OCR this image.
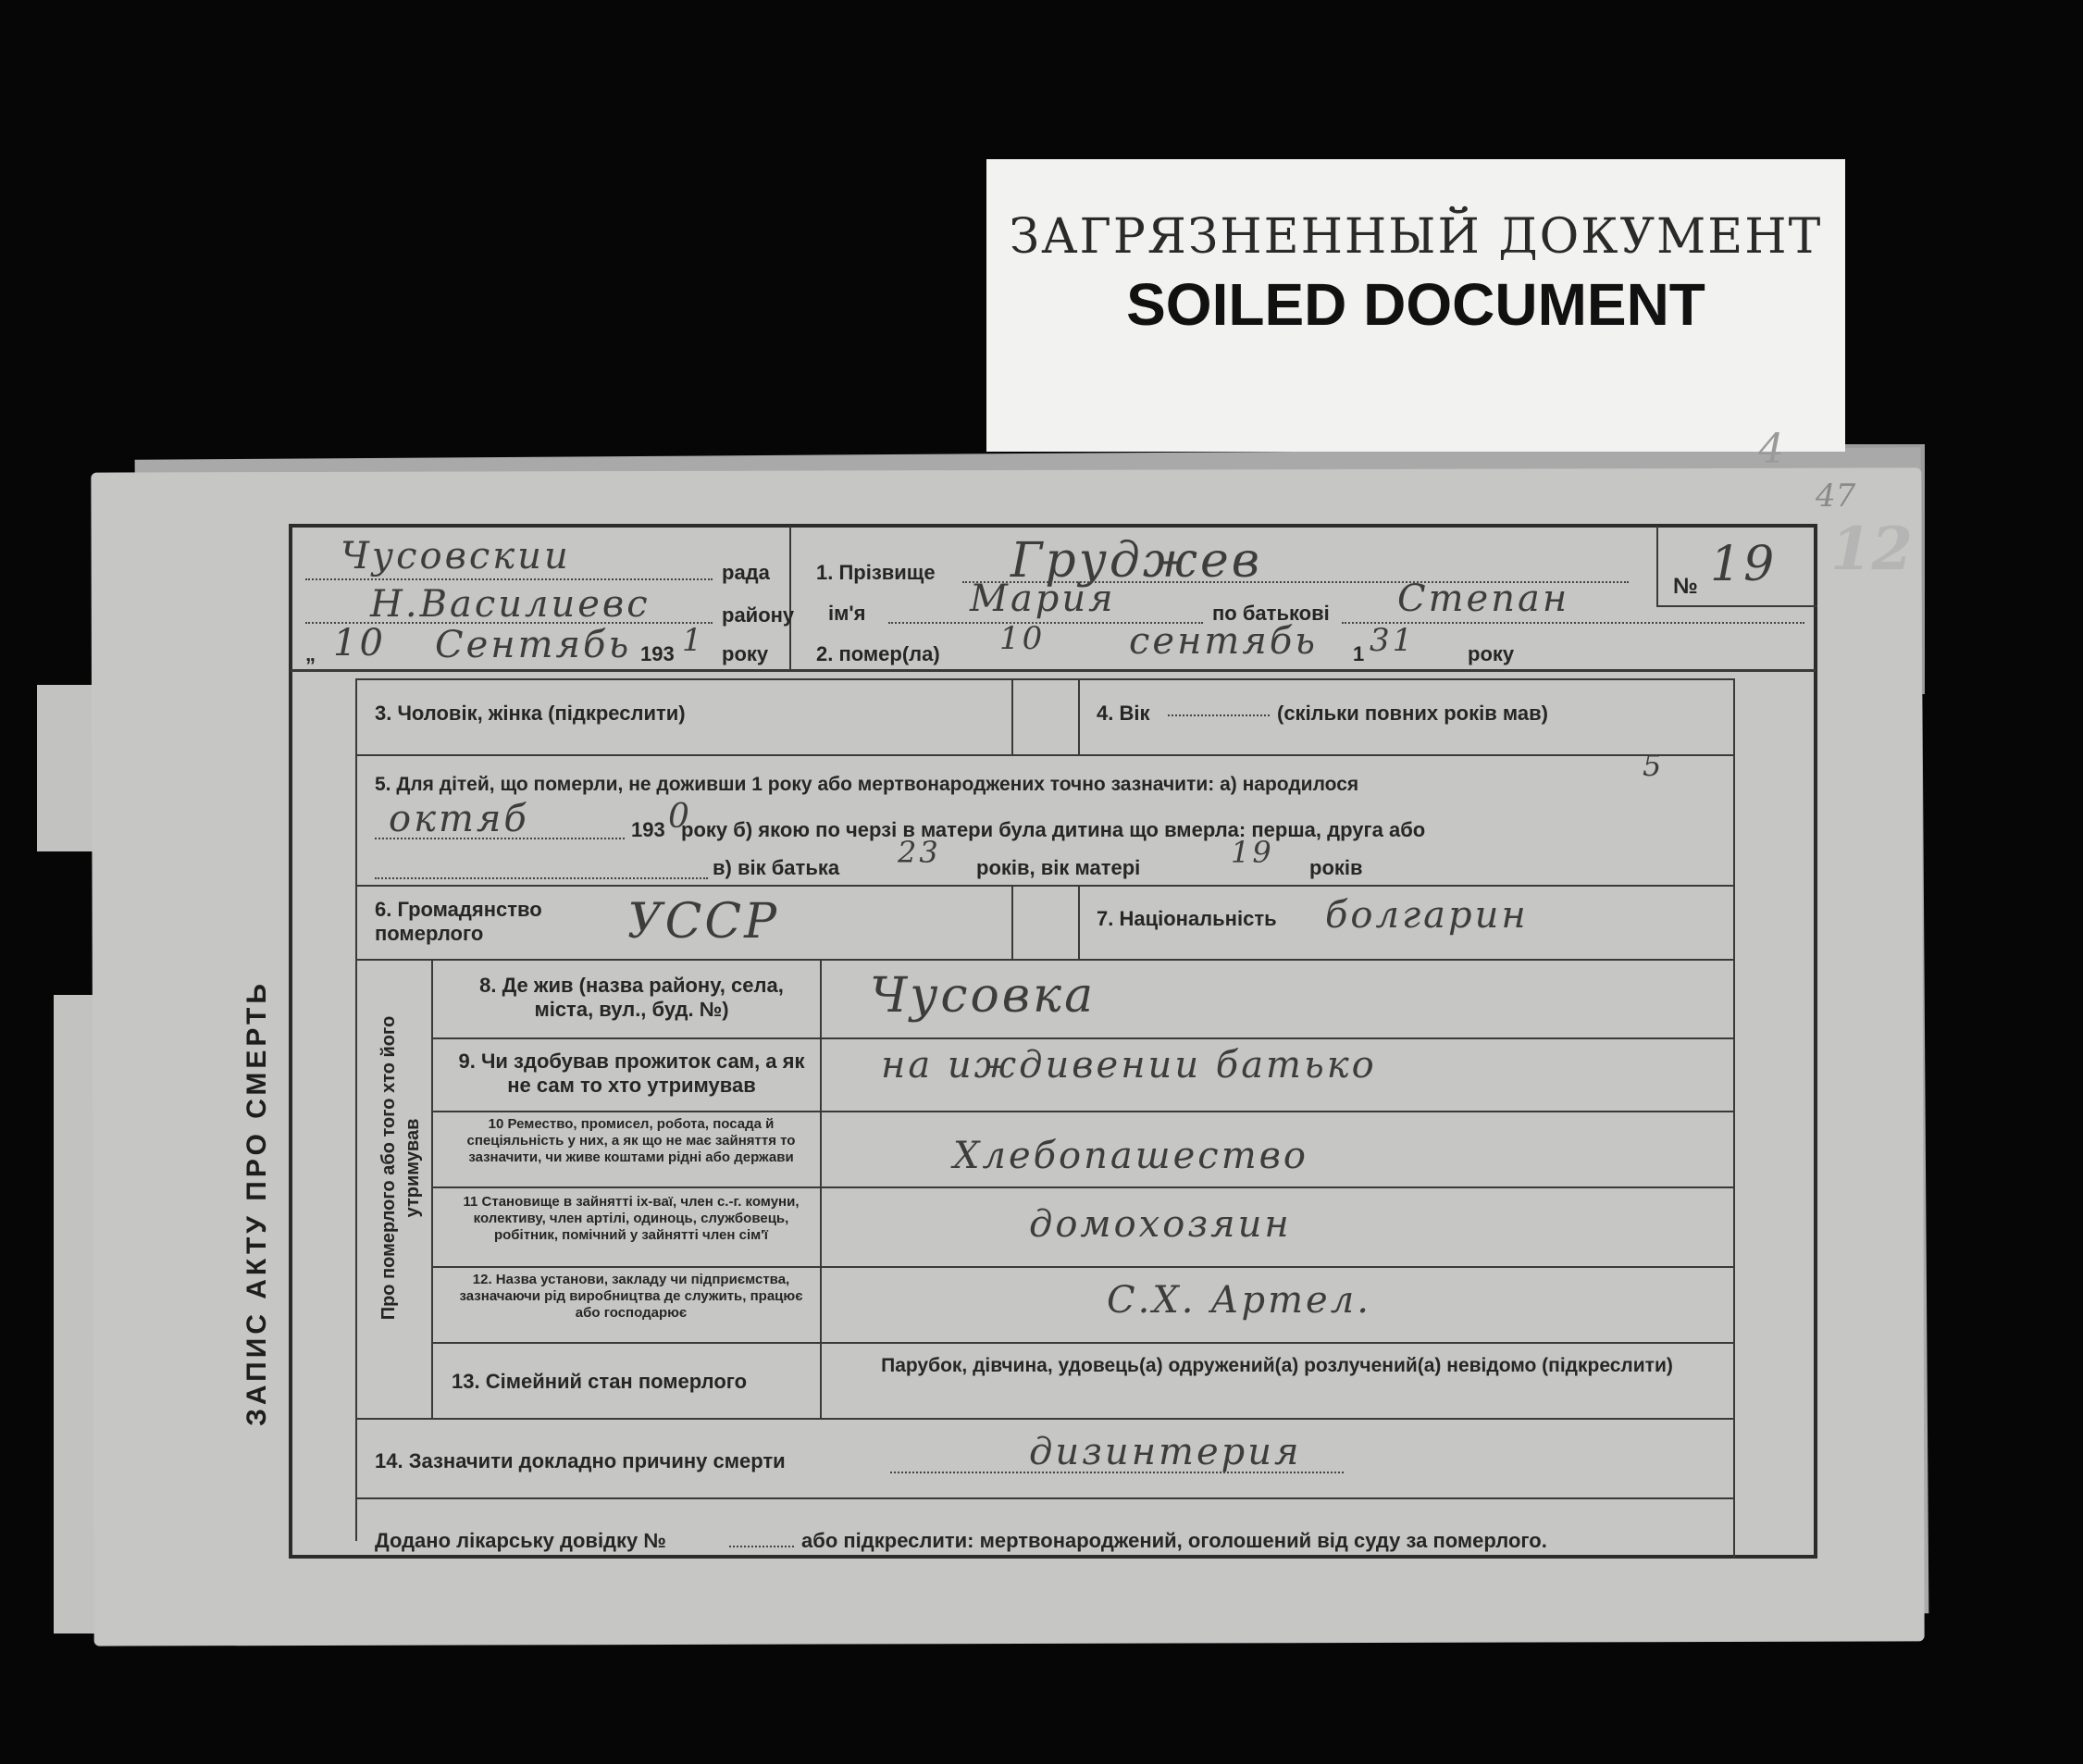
ЗАГРЯЗНЕННЫЙ ДОКУМЕНТ
SOILED DOCUMENT
4
47
12
Чусовскии	рада
Н.Василиевс	району
„ 10 Сентябь 193 1 року
1. Прізвище Груджев
ім'я	Мария	по батькові Степан
2. помер(ла) 10 сентябь 1 31	року
№ 19
ЗАПИС АКТУ ПРО СМЕРТЬ	Про померлого або того хто його утримував
3. Чоловік, жінка (підкреслити)	4. Вік	(скільки повних років мав)
5. Для дітей, що померли, не доживши 1 року або мертвонароджених точно зазначити: а) народилося
5
октяб	193 0
року б) якою по черзі в матери була дитина що вмерла: перша, друга або
в) вік батька 23 років, вік матері	19 років
6. Громадянство померлого	УССР	7. Національність болгарин
8. Де жив (назва району, села, міста, вул., буд. №)	Чусовка
9. Чи здобував прожиток сам, а як не сам то хто утримував	на иждивении батько
10 Ремество, промисел, робота, посада й спеціяльність у них, а як що не має зайняття то зазначити, чи живе коштами рідні або держави	Хлебопашество
11 Становище в зайнятті іх-ваї, член с.-г. комуни, колективу, член артілі, одиноць, службовець, робітник, помічний у зайнятті член сім'ї	домохозяин
12. Назва установи, закладу чи підприємства, зазначаючи рід виробництва де служить, працює або господарює	С.Х. Артел.
13. Сімейний стан померлого
Парубок, дівчина, удовець(а) одружений(а) розлучений(а) невідомо (підкреслити)
14. Зазначити докладно причину смерти	дизинтерия
Додано лікарську довідку №	або підкреслити: мертвонароджений, оголошений від суду за померлого.
